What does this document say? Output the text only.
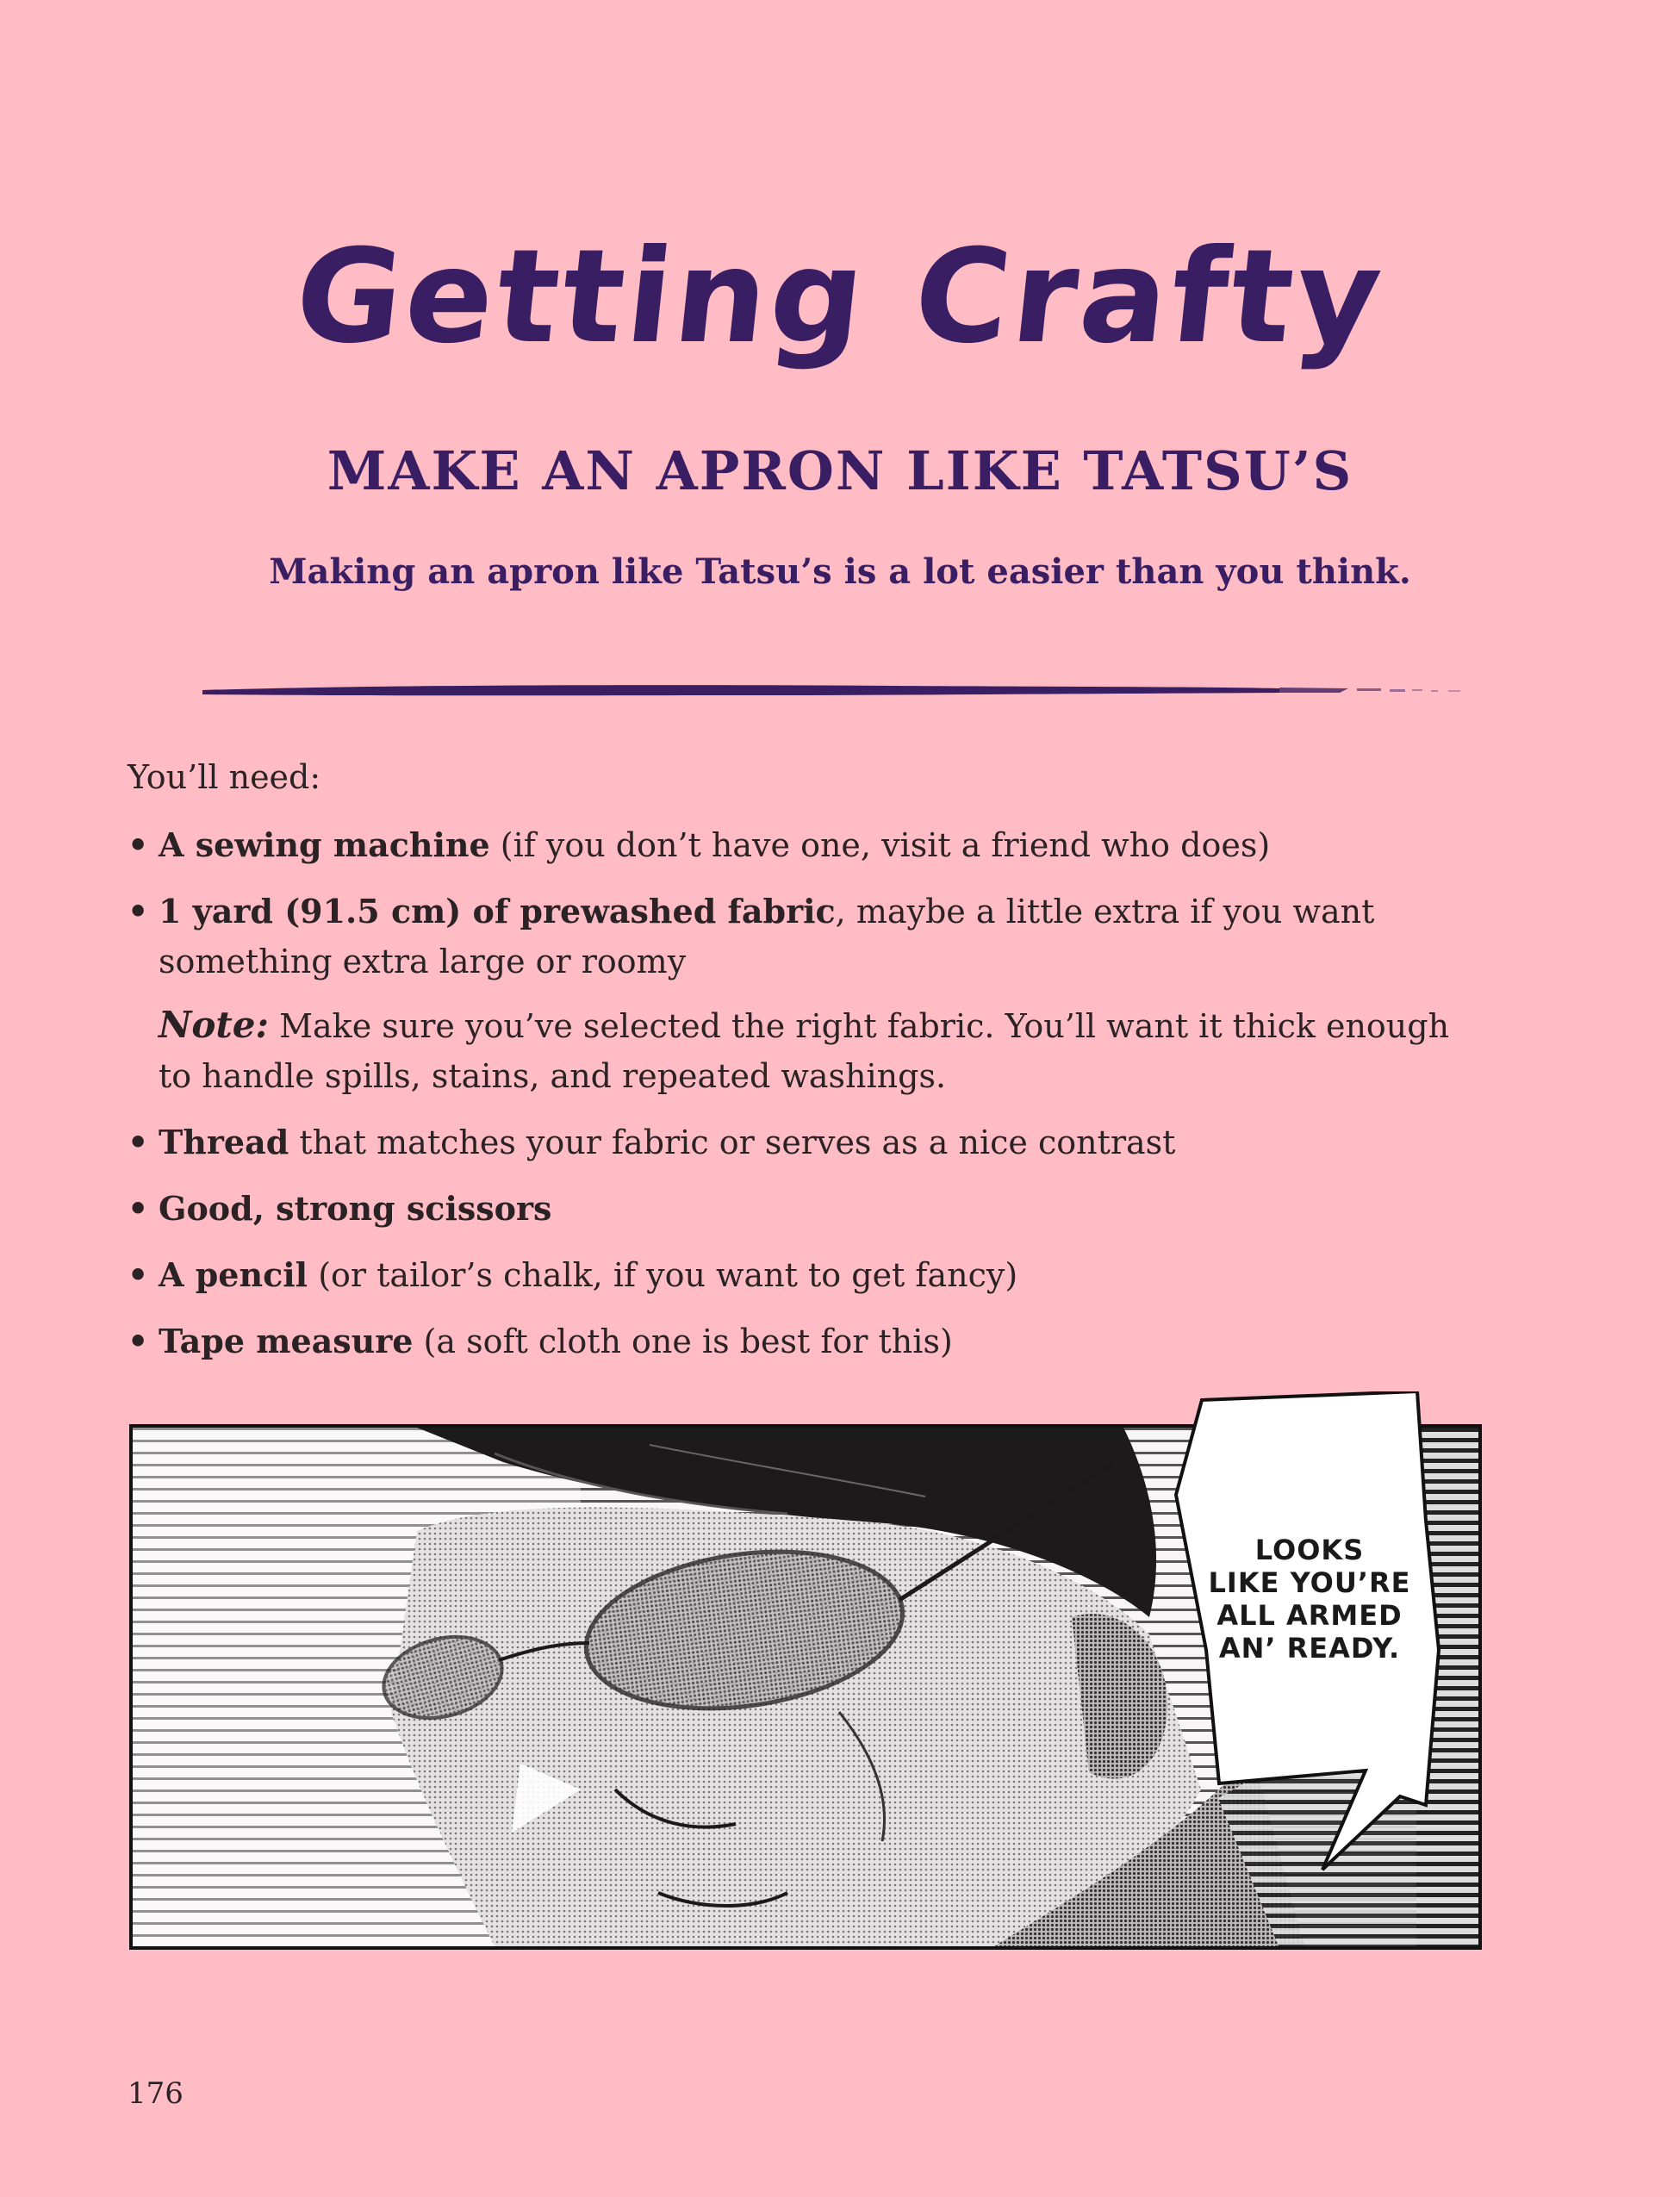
Getting Crafty
MAKE AN APRON LIKE TATSU’S

Making an apron like Tatsu’s is a lot easier than you think.

You’ll need:

• A sewing machine (if you don’t have one, visit a friend who does)
• 1 yard (91.5 cm) of prewashed fabric, maybe a little extra if you want something extra large or roomy
Note: Make sure you’ve selected the right fabric. You’ll want it thick enough to handle spills, stains, and repeated washings.
• Thread that matches your fabric or serves as a nice contrast
• Good, strong scissors
• A pencil (or tailor’s chalk, if you want to get fancy)
• Tape measure (a soft cloth one is best for this)
LOOKS
LIKE YOU’RE
ALL ARMED
AN’ READY.

176
